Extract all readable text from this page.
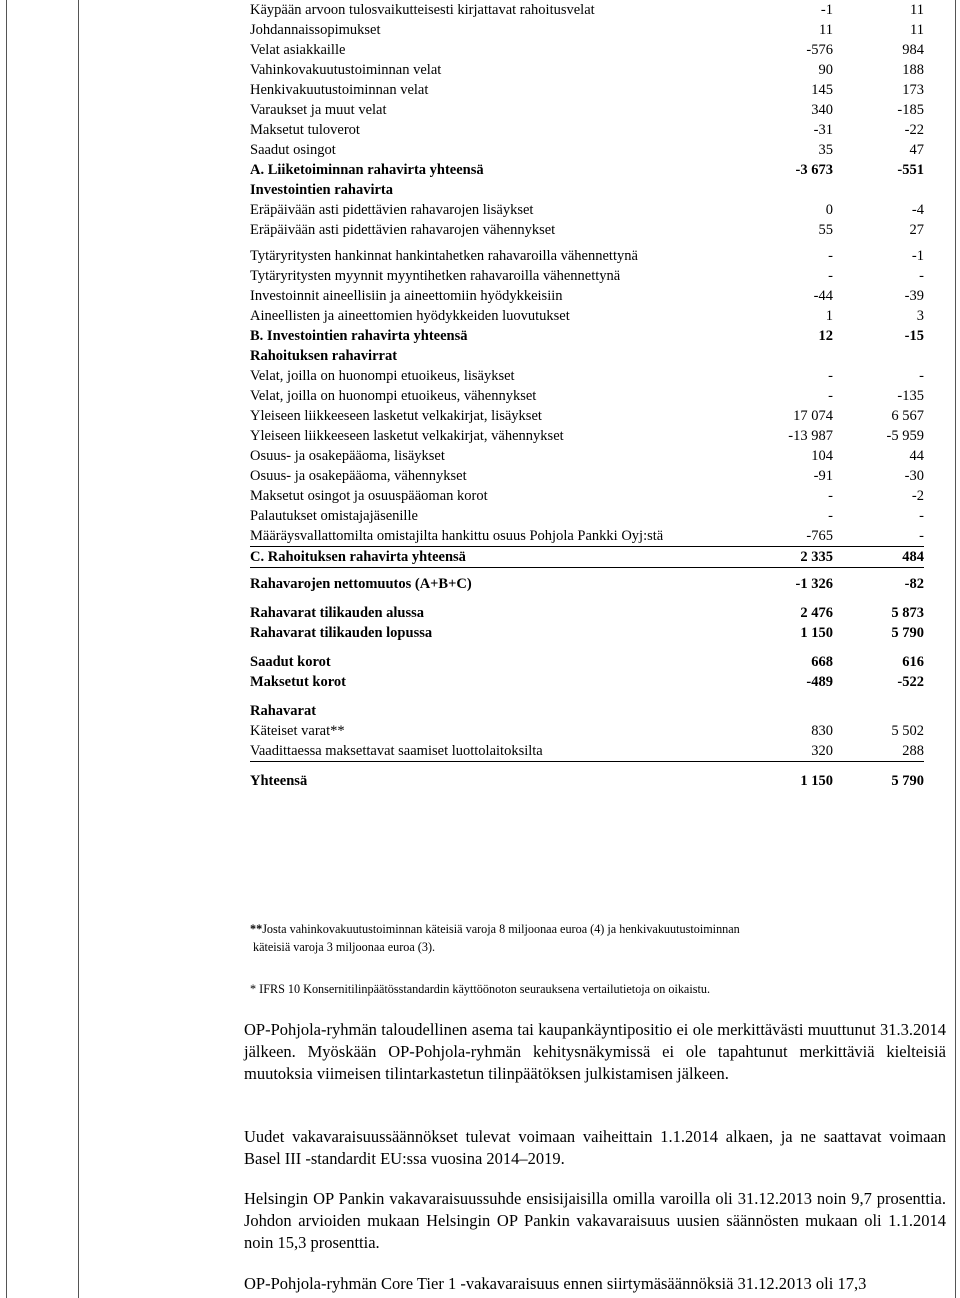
Käypään arvoon tulosvaikutteisesti kirjattavat rahoitusvelat	-1	11
Johdannaissopimukset	11	11
Velat asiakkaille	-576	984
Vahinkovakuutustoiminnan velat	90	188
Henkivakuutustoiminnan velat	145	173
Varaukset ja muut velat	340	-185
Maksetut tuloverot	-31	-22
Saadut osingot	35	47
A. Liiketoiminnan rahavirta yhteensä	-3 673	-551
Investointien rahavirta		
Eräpäivään asti pidettävien rahavarojen lisäykset	0	-4
Eräpäivään asti pidettävien rahavarojen vähennykset	55	27
Tytäryritysten hankinnat hankintahetken rahavaroilla vähennettynä	-	-1
Tytäryritysten myynnit myyntihetken rahavaroilla vähennettynä	-	-
Investoinnit aineellisiin ja aineettomiin hyödykkeisiin	-44	-39
Aineellisten ja aineettomien hyödykkeiden luovutukset	1	3
B. Investointien rahavirta yhteensä	12	-15
Rahoituksen rahavirrat		
Velat, joilla on huonompi etuoikeus, lisäykset	-	-
Velat, joilla on huonompi etuoikeus, vähennykset	-	-135
Yleiseen liikkeeseen lasketut velkakirjat, lisäykset	17 074	6 567
Yleiseen liikkeeseen lasketut velkakirjat, vähennykset	-13 987	-5 959
Osuus- ja osakepääoma, lisäykset	104	44
Osuus- ja osakepääoma, vähennykset	-91	-30
Maksetut osingot ja osuuspääoman korot	-	-2
Palautukset omistajajäsenille	-	-
Määräysvallattomilta omistajilta hankittu osuus Pohjola Pankki Oyj:stä	-765	-
C. Rahoituksen rahavirta yhteensä	2 335	484
Rahavarojen nettomuutos (A+B+C)	-1 326	-82
Rahavarat tilikauden alussa	2 476	5 873
Rahavarat tilikauden lopussa	1 150	5 790
Saadut korot	668	616
Maksetut korot	-489	-522
Rahavarat		
Käteiset varat**	830	5 502
Vaadittaessa maksettavat saamiset luottolaitoksilta	320	288
Yhteensä	1 150	5 790
**Josta vahinkovakuutustoiminnan käteisiä varoja 8 miljoonaa euroa (4) ja henkivakuutustoiminnan
käteisiä varoja 3 miljoonaa euroa (3).
* IFRS 10 Konsernitilinpäätösstandardin käyttöönoton seurauksena vertailutietoja on oikaistu.
OP-Pohjola-ryhmän taloudellinen asema tai kaupankäyntipositio ei ole merkittävästi muuttunut 31.3.2014 jälkeen. Myöskään OP-Pohjola-ryhmän kehitysnäkymissä ei ole tapahtunut merkittäviä kielteisiä muutoksia viimeisen tilintarkastetun tilinpäätöksen julkistamisen jälkeen.
Uudet vakavaraisuussäännökset tulevat voimaan vaiheittain 1.1.2014 alkaen, ja ne saattavat voimaan Basel III -standardit EU:ssa vuosina 2014–2019.
Helsingin OP Pankin vakavaraisuussuhde ensisijaisilla omilla varoilla oli 31.12.2013 noin 9,7 prosenttia. Johdon arvioiden mukaan Helsingin OP Pankin vakavaraisuus uusien säännösten mukaan oli 1.1.2014 noin 15,3 prosenttia.
OP-Pohjola-ryhmän Core Tier 1 -vakavaraisuus ennen siirtymäsäännöksiä 31.12.2013 oli 17,3
